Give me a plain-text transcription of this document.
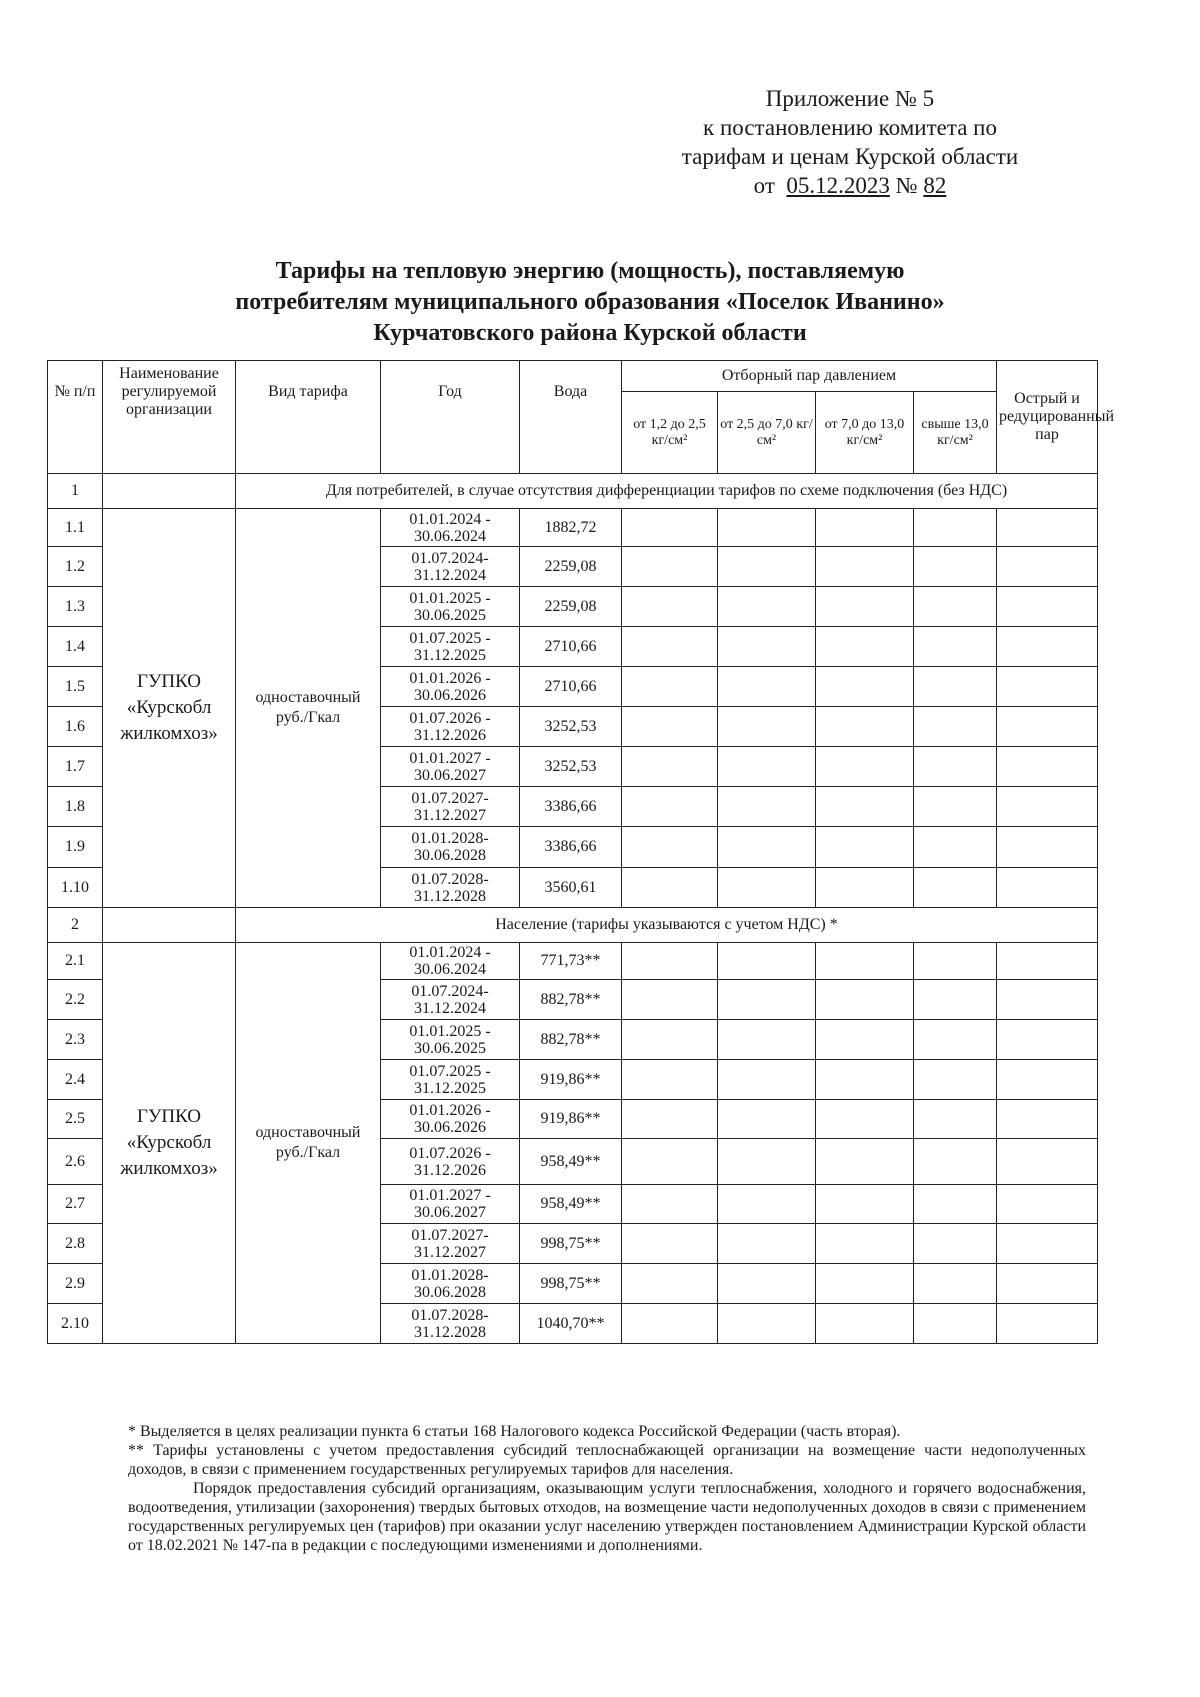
Приложение № 5
к постановлению комитета по
тарифам и ценам Курской области
от 05.12.2023 № 82
Тарифы на тепловую энергию (мощность), поставляемую
потребителям муниципального образования «Поселок Иванино»
Курчатовского района Курской области
№ п/п	Наименование регулируемой организации	Вид тарифа	Год	Вода	Отборный пар давлением				Острый и редуцированный пар
					от 1,2 до 2,5 кг/см²	от 2,5 до 7,0 кг/см²	от 7,0 до 13,0 кг/см²	свыше 13,0 кг/см²	
1		Для потребителей, в случае отсутствия дифференциации тарифов по схеме подключения (без НДС)							
1.1	ГУПКО «Курскобл жилкомхоз»	одноставочный руб./Гкал	01.01.2024 - 30.06.2024	1882,72					
1.2			01.07.2024- 31.12.2024	2259,08					
1.3			01.01.2025 - 30.06.2025	2259,08					
1.4			01.07.2025 - 31.12.2025	2710,66					
1.5			01.01.2026 - 30.06.2026	2710,66					
1.6			01.07.2026 - 31.12.2026	3252,53					
1.7			01.01.2027 - 30.06.2027	3252,53					
1.8			01.07.2027- 31.12.2027	3386,66					
1.9			01.01.2028- 30.06.2028	3386,66					
1.10			01.07.2028- 31.12.2028	3560,61					
2		Население (тарифы указываются с учетом НДС) *							
2.1	ГУПКО «Курскобл жилкомхоз»	одноставочный руб./Гкал	01.01.2024 - 30.06.2024	771,73**					
2.2			01.07.2024- 31.12.2024	882,78**					
2.3			01.01.2025 - 30.06.2025	882,78**					
2.4			01.07.2025 - 31.12.2025	919,86**					
2.5			01.01.2026 - 30.06.2026	919,86**					
2.6			01.07.2026 - 31.12.2026	958,49**					
2.7			01.01.2027 - 30.06.2027	958,49**					
2.8			01.07.2027- 31.12.2027	998,75**					
2.9			01.01.2028- 30.06.2028	998,75**					
2.10			01.07.2028- 31.12.2028	1040,70**					

* Выделяется в целях реализации пункта 6 статьи 168 Налогового кодекса Российской Федерации (часть вторая).

** Тарифы установлены с учетом предоставления субсидий теплоснабжающей организации на возмещение части недополученных доходов, в связи с применением государственных регулируемых тарифов для населения.

Порядок предоставления субсидий организациям, оказывающим услуги теплоснабжения, холодного и горячего водоснабжения, водоотведения, утилизации (захоронения) твердых бытовых отходов, на возмещение части недополученных доходов в связи с применением государственных регулируемых цен (тарифов) при оказании услуг населению утвержден постановлением Администрации Курской области от 18.02.2021 № 147-па в редакции с последующими изменениями и дополнениями.
